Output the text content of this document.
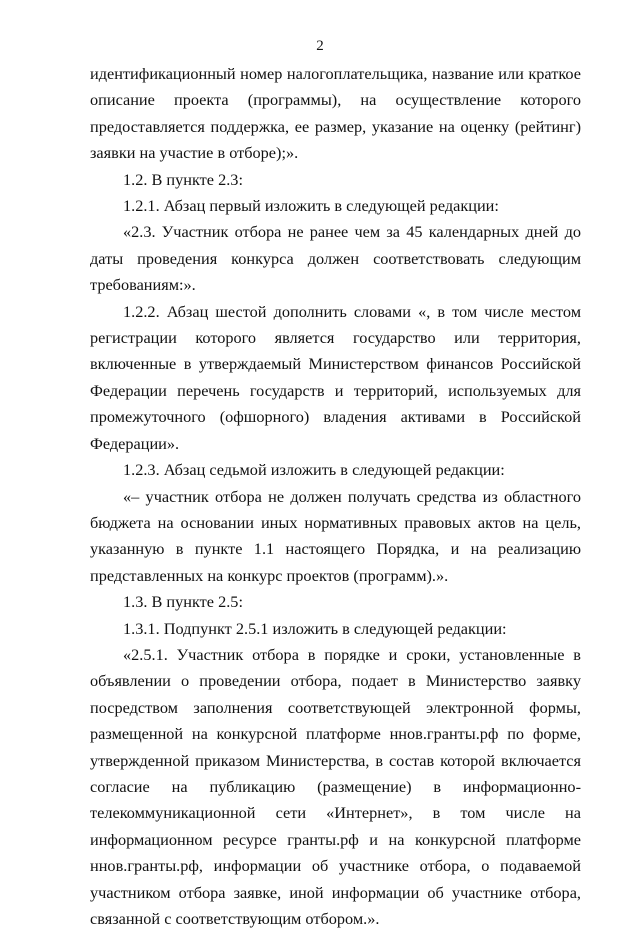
2

идентификационный номер налогоплательщика, название или краткое описание проекта (программы), на осуществление которого предоставляется поддержка, ее размер, указание на оценку (рейтинг) заявки на участие в отборе);».

1.2. В пункте 2.3:

1.2.1. Абзац первый изложить в следующей редакции:

«2.3. Участник отбора не ранее чем за 45 календарных дней до даты проведения конкурса должен соответствовать следующим требованиям:».

1.2.2. Абзац шестой дополнить словами «, в том числе местом регистрации которого является государство или территория, включенные в утверждаемый Министерством финансов Российской Федерации перечень государств и территорий, используемых для промежуточного (офшорного) владения активами в Российской Федерации».

1.2.3. Абзац седьмой изложить в следующей редакции:

«– участник отбора не должен получать средства из областного бюджета на основании иных нормативных правовых актов на цель, указанную в пункте 1.1 настоящего Порядка, и на реализацию представленных на конкурс проектов (программ).».

1.3. В пункте 2.5:

1.3.1. Подпункт 2.5.1 изложить в следующей редакции:

«2.5.1. Участник отбора в порядке и сроки, установленные в объявлении о проведении отбора, подает в Министерство заявку посредством заполнения соответствующей электронной формы, размещенной на конкурсной платформе ннов.гранты.рф по форме, утвержденной приказом Министерства, в состав которой включается согласие на публикацию (размещение) в информационно-телекоммуникационной сети «Интернет», в том числе на информационном ресурсе гранты.рф и на конкурсной платформе ннов.гранты.рф, информации об участнике отбора, о подаваемой участником отбора заявке, иной информации об участнике отбора, связанной с соответствующим отбором.».
